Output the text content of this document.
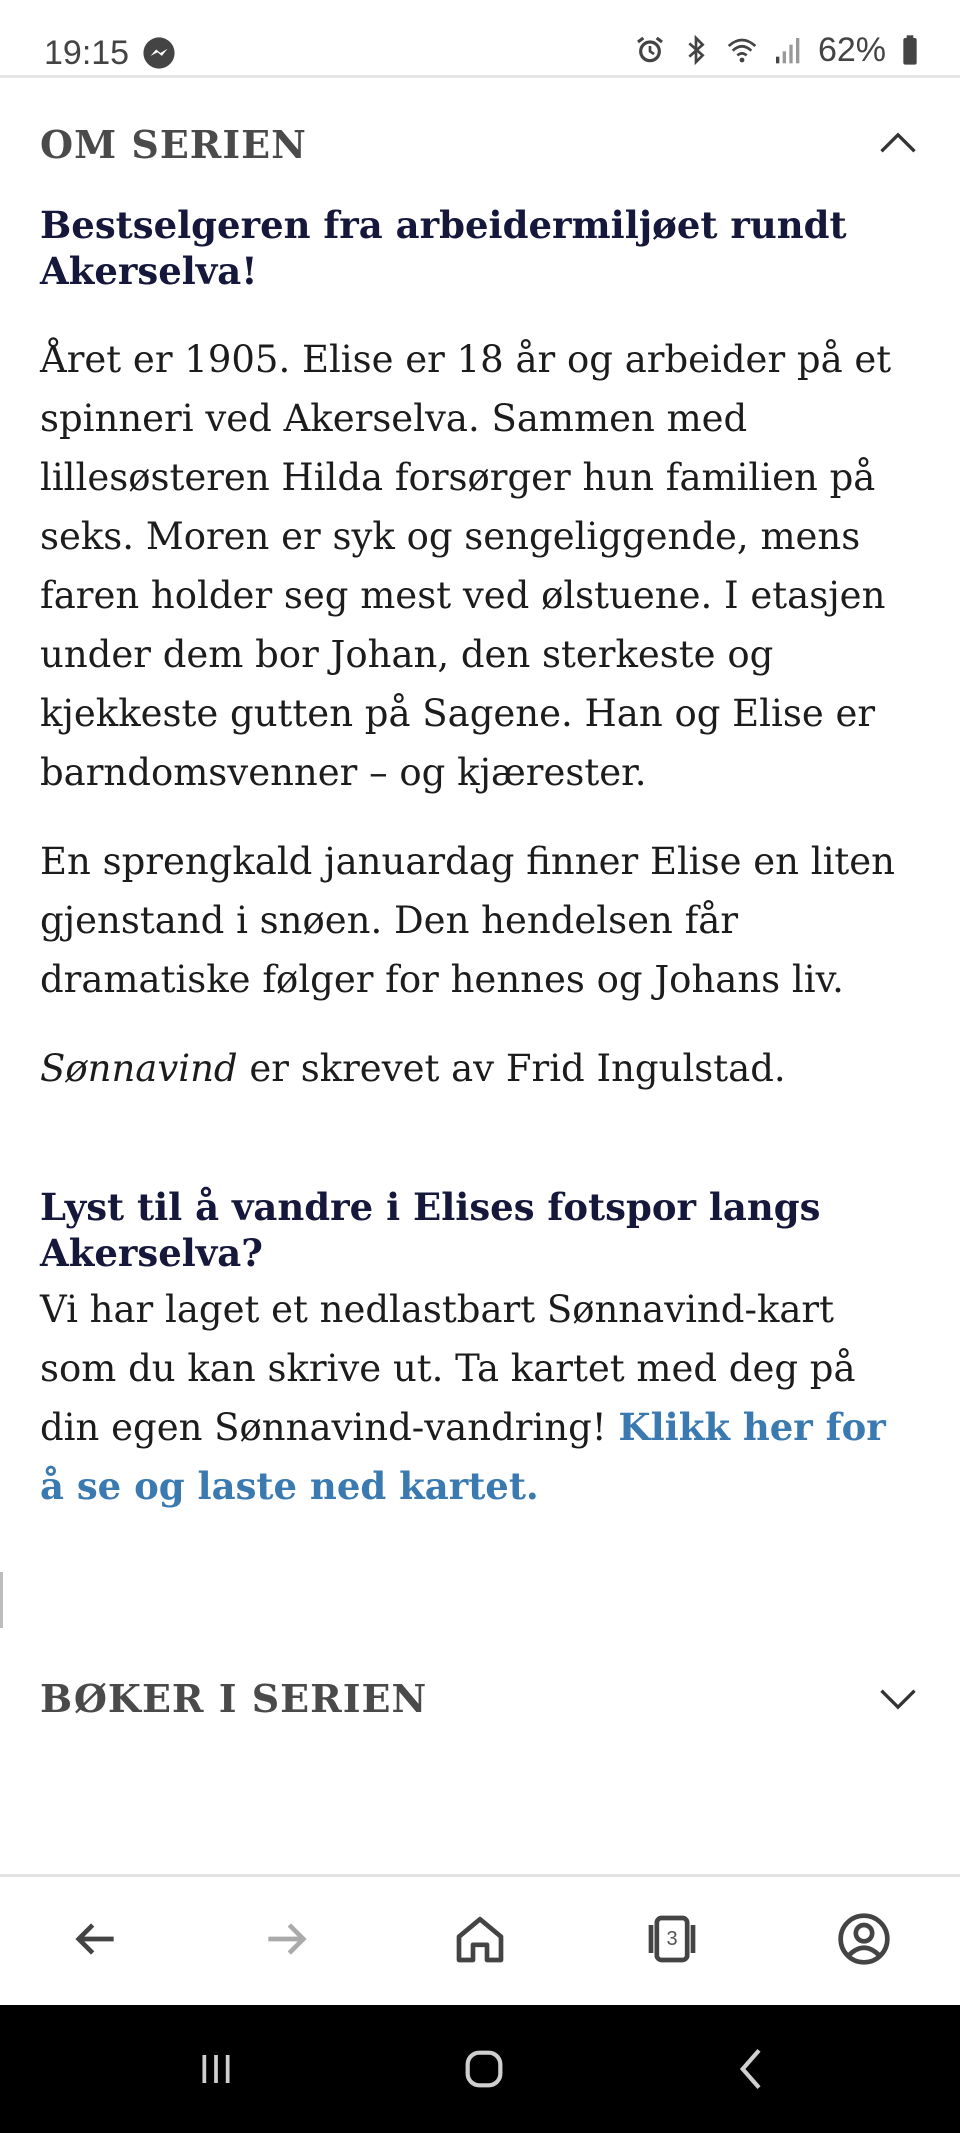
19:15	62%
OM SERIEN
Bestselgeren fra arbeidermiljøet rundt Akerselva!

Året er 1905. Elise er 18 år og arbeider på et spinneri ved Akerselva. Sammen med lillesøsteren Hilda forsørger hun familien på seks. Moren er syk og sengeliggende, mens faren holder seg mest ved ølstuene. I etasjen under dem bor Johan, den sterkeste og kjekkeste gutten på Sagene. Han og Elise er barndomsvenner – og kjærester.

En sprengkald januardag finner Elise en liten gjenstand i snøen. Den hendelsen får dramatiske følger for hennes og Johans liv.

Sønnavind er skrevet av Frid Ingulstad.

Lyst til å vandre i Elises fotspor langs Akerselva?

Vi har laget et nedlastbart Sønnavind-kart som du kan skrive ut. Ta kartet med deg på din egen Sønnavind-vandring! Klikk her for å se og laste ned kartet.

BØKER I SERIEN
3
